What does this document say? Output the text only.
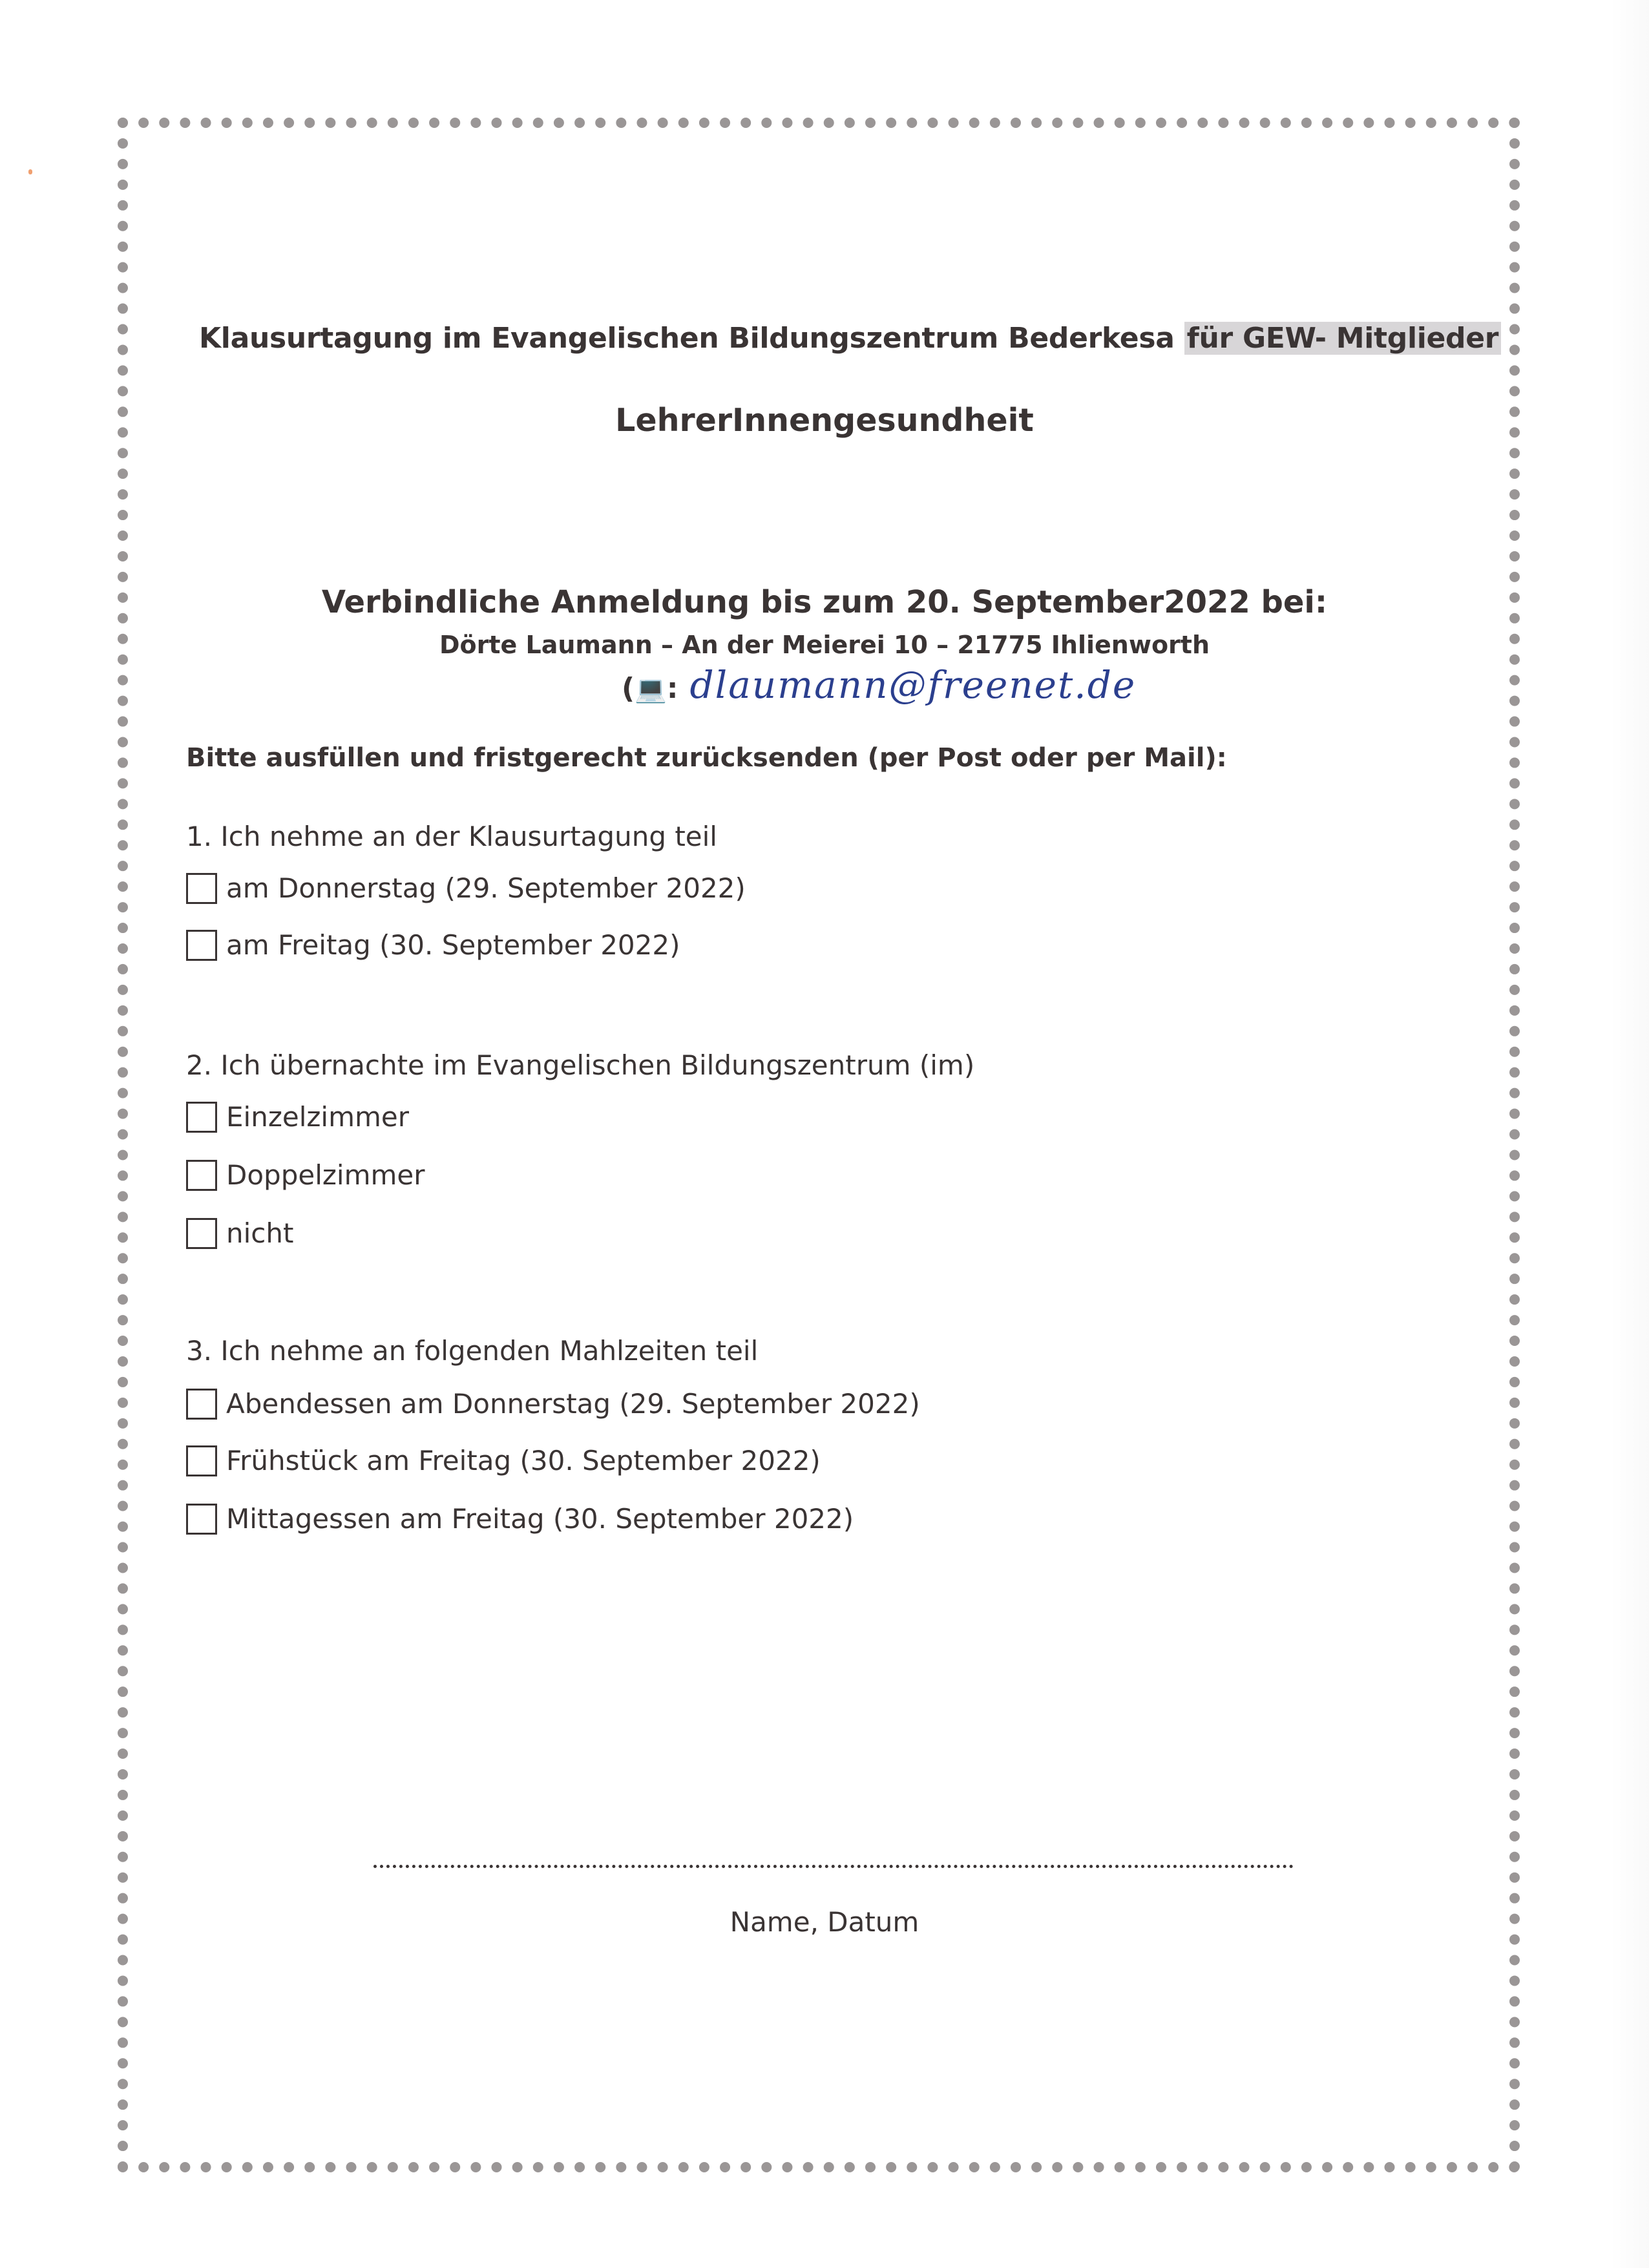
Klausurtagung im Evangelischen Bildungszentrum Bederkesa für GEW- Mitglieder
LehrerInnengesundheit
Verbindliche Anmeldung bis zum 20. September2022 bei:
Dörte Laumann – An der Meierei 10 – 21775 Ihlienworth
(💻: dlaumann@freenet.de
Bitte ausfüllen und fristgerecht zurücksenden (per Post oder per Mail):
1. Ich nehme an der Klausurtagung teil
am Donnerstag (29. September 2022)
am Freitag (30. September 2022)
2. Ich übernachte im Evangelischen Bildungszentrum (im)
Einzelzimmer
Doppelzimmer
nicht
3. Ich nehme an folgenden Mahlzeiten teil
Abendessen am Donnerstag (29. September 2022)
Frühstück am Freitag (30. September 2022)
Mittagessen am Freitag (30. September 2022)
Name, Datum
